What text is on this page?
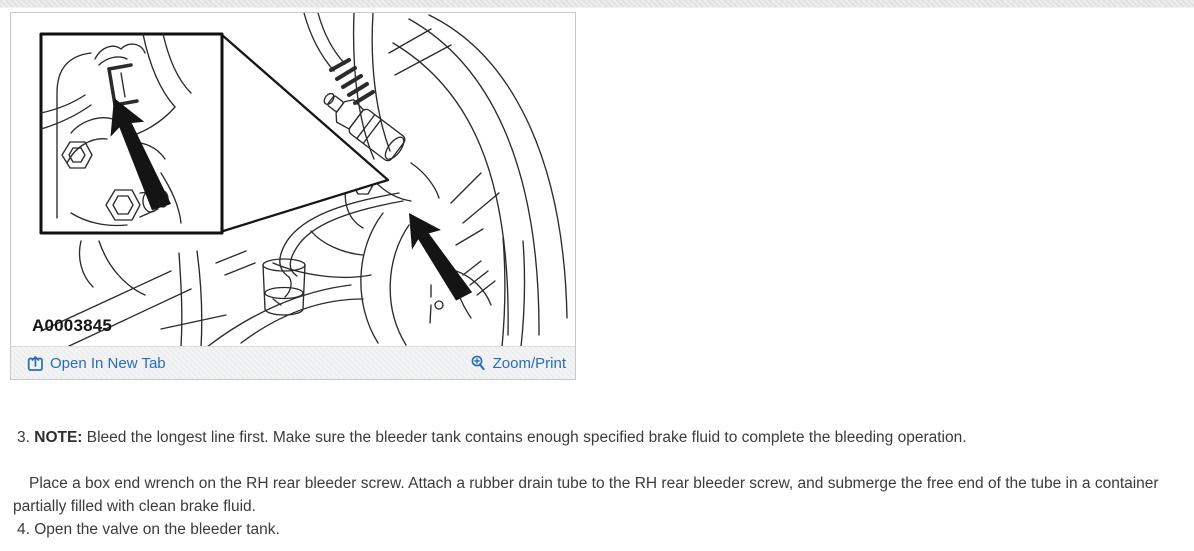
A0003845
Open In New Tab	Zoom/Print
3. NOTE: Bleed the longest line first. Make sure the bleeder tank contains enough specified brake fluid to complete the bleeding operation.
Place a box end wrench on the RH rear bleeder screw. Attach a rubber drain tube to the RH rear bleeder screw, and submerge the free end of the tube in a container partially filled with clean brake fluid.
4. Open the valve on the bleeder tank.
